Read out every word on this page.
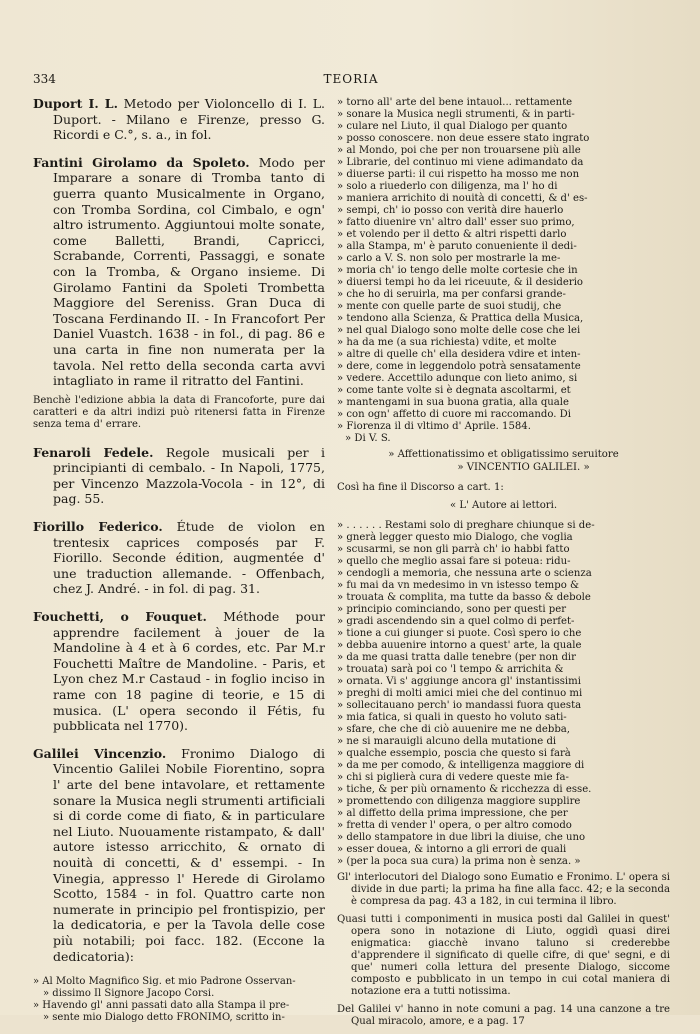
334	TEORIA
Duport I. L. Metodo per Violoncello di I. L. Duport. - Milano e Firenze, presso G. Ricordi e C.°, s. a., in fol.
Fantini Girolamo da Spoleto. Modo per Imparare a sonare di Tromba tanto di guerra quanto Musicalmente in Organo, con Tromba Sordina, col Cimbalo, e ogn' altro istrumento. Aggiuntoui molte sonate, come Balletti, Brandi, Capricci, Scrabande, Correnti, Passaggi, e sonate con la Tromba, & Organo insieme. Di Girolamo Fantini da Spoleti Trombetta Maggiore del Sereniss. Gran Duca di Toscana Ferdinando II. - In Francofort Per Daniel Vuastch. 1638 - in fol., di pag. 86 e una carta in fine non numerata per la tavola. Nel retto della seconda carta avvi intagliato in rame il ritratto del Fantini.
Benchè l'edizione abbia la data di Francoforte, pure dai caratteri e da altri indizi può ritenersi fatta in Firenze senza tema d' errare.
Fenaroli Fedele. Regole musicali per i principianti di cembalo. - In Napoli, 1775, per Vincenzo Mazzola-Vocola - in 12°, di pag. 55.
Fiorillo Federico. Étude de violon en trentesix caprices composés par F. Fiorillo. Seconde édition, augmentée d' une traduction allemande. - Offenbach, chez J. André. - in fol. di pag. 31.
Fouchetti, o Fouquet. Méthode pour apprendre facilement à jouer de la Mandoline à 4 et à 6 cordes, etc. Par M.r Fouchetti Maître de Mandoline. - Paris, et Lyon chez M.r Castaud - in foglio inciso in rame con 18 pagine di teorie, e 15 di musica. (L' opera secondo il Fétis, fu pubblicata nel 1770).
Galilei Vincenzio. Fronimo Dialogo di Vincentio Galilei Nobile Fiorentino, sopra l' arte del bene intavolare, et rettamente sonare la Musica negli strumenti artificiali si di corde come di fiato, & in particulare nel Liuto. Nuouamente ristampato, & dall' autore istesso arricchito, & ornato di nouità di concetti, & d' essempi. - In Vinegia, appresso l' Herede di Girolamo Scotto, 1584 - in fol. Quattro carte non numerate in principio pel frontispizio, per la dedicatoria, e per la Tavola delle cose più notabili; poi facc. 182. (Eccone la dedicatoria):
» Al Molto Magnifico Sig. et mio Padrone Osservan-
» dissimo Il Signore Jacopo Corsi.
» Havendo gl' anni passati dato alla Stampa il pre-
» sente mio Dialogo detto FRONIMO, scritto in-
» torno all' arte del bene intauol... rettamente
» sonare la Musica negli strumenti, & in parti-
» culare nel Liuto, il qual Dialogo per quanto
» posso conoscere. non deue essere stato ingrato
» al Mondo, poi che per non trouarsene più alle
» Librarie, del continuo mi viene adimandato da
» diuerse parti: il cui rispetto ha mosso me non
» solo a riuederlo con diligenza, ma l' ho di
» maniera arrichito di nouità di concetti, & d' es-
» sempi, ch' io posso con verità dire hauerlo
» fatto diuenire vn' altro dall' esser suo primo,
» et volendo per il detto & altri rispetti darlo
» alla Stampa, m' è paruto conueniente il dedi-
» carlo a V. S. non solo per mostrarle la me-
» moria ch' io tengo delle molte cortesie che in
» diuersi tempi ho da lei riceuute, & il desiderio
» che ho di seruirla, ma per confarsi grande-
» mente con quelle parte de suoi studij, che
» tendono alla Scienza, & Prattica della Musica,
» nel qual Dialogo sono molte delle cose che lei
» ha da me (a sua richiesta) vdite, et molte
» altre di quelle ch' ella desidera vdire et inten-
» dere, come in leggendolo potrà sensatamente
» vedere. Accettilo adunque con lieto animo, si
» come tante volte si è degnata ascoltarmi, et
» mantengami in sua buona gratia, alla quale
» con ogn' affetto di cuore mi raccomando. Di
» Fiorenza il di vltimo d' Aprile. 1584.
» Di V. S.
» Affettionatissimo et obligatissimo seruitore
» VINCENTIO GALILEI. »
Così ha fine il Discorso a cart. 1:
« L' Autore ai lettori.
» . . . . . . Restami solo di preghare chiunque si de-
» gnerà legger questo mio Dialogo, che voglia
» scusarmi, se non gli parrà ch' io habbi fatto
» quello che meglio assai fare si poteua: ridu-
» cendogli a memoria, che nessuna arte o scienza
» fu mai da vn medesimo in vn istesso tempo &
» trouata & complita, ma tutte da basso & debole
» principio cominciando, sono per questi per
» gradi ascendendo sin a quel colmo di perfet-
» tione a cui giunger si puote. Così spero io che
» debba auuenire intorno a quest' arte, la quale
» da me quasi tratta dalle tenebre (per non dir
» trouata) sarà poi co 'l tempo & arrichita &
» ornata. Vi s' aggiunge ancora gl' instantissimi
» preghi di molti amici miei che del continuo mi
» sollecitauano perch' io mandassi fuora questa
» mia fatica, si quali in questo ho voluto sati-
» sfare, che che di ciò auuenire me ne debba,
» ne si marauigli alcuno della mutatione di
» qualche essempio, poscia che questo si farà
» da me per comodo, & intelligenza maggiore di
» chi si piglierà cura di vedere queste mie fa-
» tiche, & per più ornamento & ricchezza di esse.
» promettendo con diligenza maggiore supplire
» al diffetto della prima impressione, che per
» fretta di vender l' opera, o per altro comodo
» dello stampatore in due libri la diuise, che uno
» esser douea, & intorno a gli errori de quali
» (per la poca sua cura) la prima non è senza. »
Gl' interlocutori del Dialogo sono Eumatio e Fronimo. L' opera si divide in due parti; la prima ha fine alla facc. 42; e la seconda è compresa da pag. 43 a 182, in cui termina il libro.
Quasi tutti i componimenti in musica posti dal Galilei in quest' opera sono in notazione di Liuto, oggidì quasi direi enigmatica: giacchè invano taluno si crederebbe d'apprendere il significato di quelle cifre, di que' segni, e di que' numeri colla lettura del presente Dialogo, siccome composto e pubblicato in un tempo in cui cotal maniera di notazione era a tutti notissima.
Del Galilei v' hanno in note comuni a pag. 14 una canzone a tre Qual miracolo, amore, e a pag. 17
